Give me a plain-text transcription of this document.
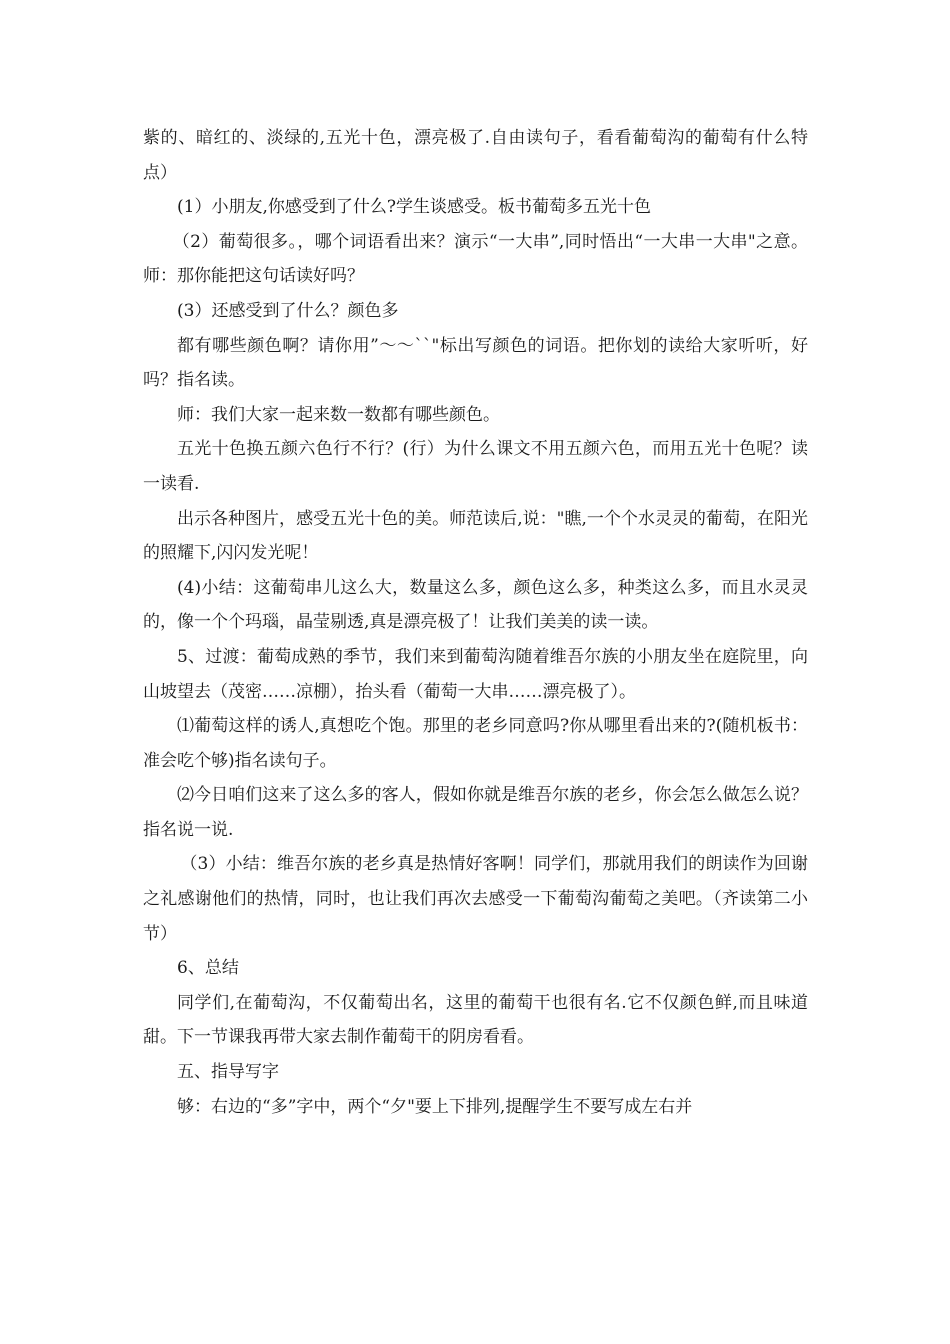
紫的、暗红的、淡绿的,五光十色，漂亮极了.自由读句子，看看葡萄沟的葡萄有什么特点）

(1）小朋友,你感受到了什么?学生谈感受。板书葡萄多五光十色

（2）葡萄很多。，哪个词语看出来？演示“一大串”,同时悟出“一大串一大串"之意。师：那你能把这句话读好吗？

(3）还感受到了什么？颜色多

都有哪些颜色啊？请你用”～～``"标出写颜色的词语。把你划的读给大家听听，好吗？指名读。

师：我们大家一起来数一数都有哪些颜色。

五光十色换五颜六色行不行？(行）为什么课文不用五颜六色，而用五光十色呢？读一读看.

出示各种图片，感受五光十色的美。师范读后,说："瞧,一个个水灵灵的葡萄，在阳光的照耀下,闪闪发光呢！

(4)小结：这葡萄串儿这么大，数量这么多，颜色这么多，种类这么多，而且水灵灵的，像一个个玛瑙，晶莹剔透,真是漂亮极了！让我们美美的读一读。

5、过渡：葡萄成熟的季节，我们来到葡萄沟随着维吾尔族的小朋友坐在庭院里，向山坡望去（茂密……凉棚），抬头看（葡萄一大串……漂亮极了）。

⑴葡萄这样的诱人,真想吃个饱。那里的老乡同意吗?你从哪里看出来的?(随机板书：准会吃个够)指名读句子。

⑵今日咱们这来了这么多的客人，假如你就是维吾尔族的老乡，你会怎么做怎么说？指名说一说.

（3）小结：维吾尔族的老乡真是热情好客啊！同学们，那就用我们的朗读作为回谢之礼感谢他们的热情，同时，也让我们再次去感受一下葡萄沟葡萄之美吧。（齐读第二小节）

6、总结

同学们,在葡萄沟，不仅葡萄出名，这里的葡萄干也很有名.它不仅颜色鲜,而且味道甜。下一节课我再带大家去制作葡萄干的阴房看看。

五、指导写字

够：右边的“多”字中，两个“夕"要上下排列,提醒学生不要写成左右并
